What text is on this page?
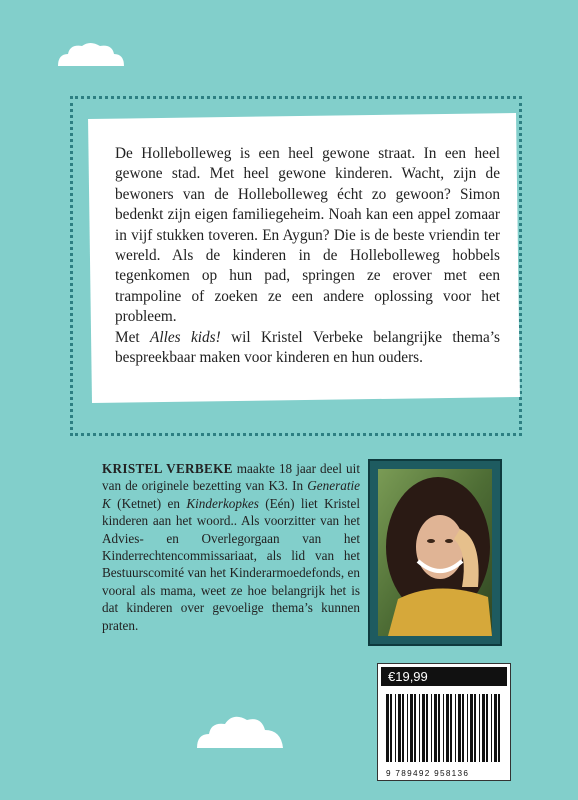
De Hollebolleweg is een heel gewone straat. In een heel gewone stad. Met heel gewone kinderen. Wacht, zijn de bewoners van de Hollebolleweg écht zo gewoon? Simon bedenkt zijn eigen familiegeheim. Noah kan een appel zomaar in vijf stukken toveren. En Aygun? Die is de beste vriendin ter wereld. Als de kinderen in de Hollebolleweg hobbels tegenkomen op hun pad, springen ze erover met een trampoline of zoeken ze een andere oplossing voor het probleem.

Met Alles kids! wil Kristel Verbeke belangrijke thema’s bespreekbaar maken voor kinderen en hun ouders.

KRISTEL VERBEKE maakte 18 jaar deel uit van de originele bezetting van K3. In Generatie K (Ketnet) en Kinderkopkes (Eén) liet Kristel kinderen aan het woord.. Als voorzitter van het Advies- en Overlegorgaan van het Kinderrechtencommissariaat, als lid van het Bestuurscomité van het Kinderarmoedefonds, en vooral als mama, weet ze hoe belangrijk het is dat kinderen over gevoelige thema’s kunnen praten.

€19,99
9 789492 958136
